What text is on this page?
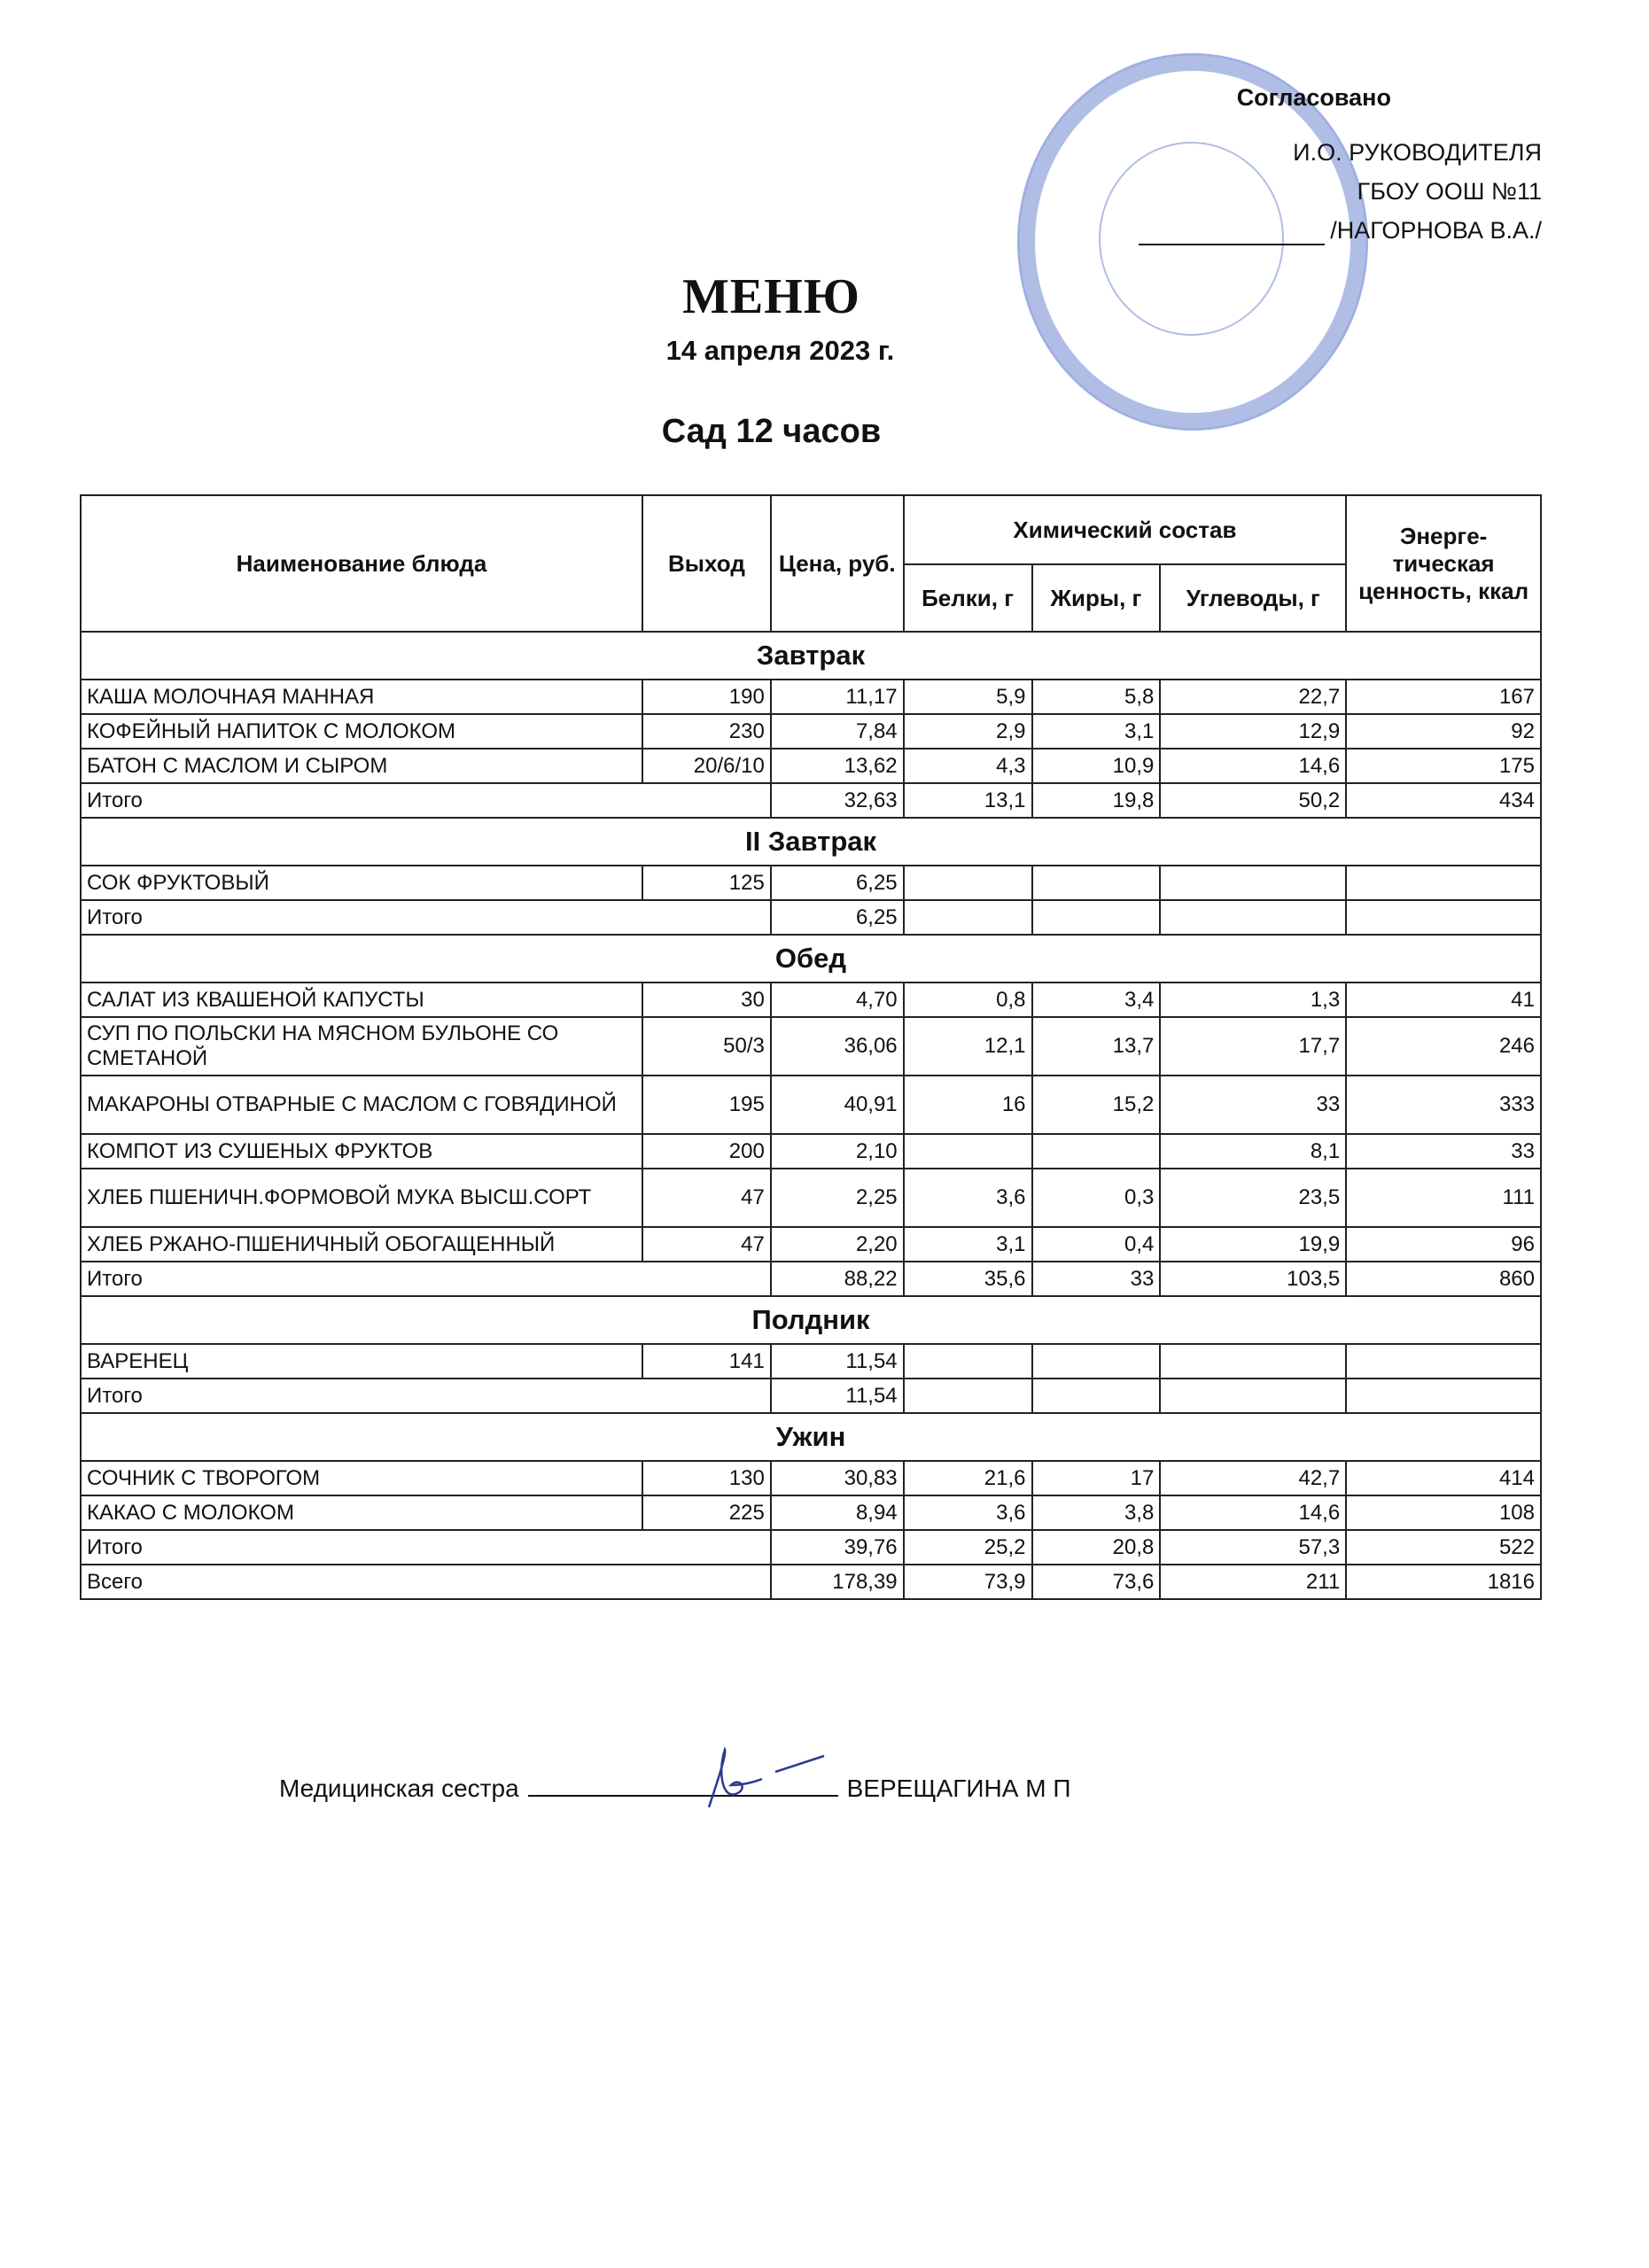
Согласовано
И.О. РУКОВОДИТЕЛЯ
ГБОУ ООШ №11
/НАГОРНОВА В.А./
МЕНЮ
14 апреля 2023 г.
Сад 12 часов
Наименование блюда	Выход	Цена, руб.	Химический состав			Энерге-тическая ценность, ккал
			Белки, г	Жиры, г	Углеводы, г	
Завтрак						
КАША МОЛОЧНАЯ МАННАЯ	190	11,17	5,9	5,8	22,7	167
КОФЕЙНЫЙ НАПИТОК С МОЛОКОМ	230	7,84	2,9	3,1	12,9	92
БАТОН С МАСЛОМ И СЫРОМ	20/6/10	13,62	4,3	10,9	14,6	175
Итого		32,63	13,1	19,8	50,2	434
II Завтрак						
СОК ФРУКТОВЫЙ	125	6,25				
Итого		6,25				
Обед						
САЛАТ ИЗ КВАШЕНОЙ КАПУСТЫ	30	4,70	0,8	3,4	1,3	41
СУП ПО ПОЛЬСКИ НА МЯСНОМ БУЛЬОНЕ СО СМЕТАНОЙ	50/3	36,06	12,1	13,7	17,7	246
МАКАРОНЫ ОТВАРНЫЕ С МАСЛОМ С ГОВЯДИНОЙ	195	40,91	16	15,2	33	333
КОМПОТ ИЗ СУШЕНЫХ ФРУКТОВ	200	2,10			8,1	33
ХЛЕБ ПШЕНИЧН.ФОРМОВОЙ МУКА ВЫСШ.СОРТ	47	2,25	3,6	0,3	23,5	111
ХЛЕБ РЖАНО-ПШЕНИЧНЫЙ ОБОГАЩЕННЫЙ	47	2,20	3,1	0,4	19,9	96
Итого		88,22	35,6	33	103,5	860
Полдник						
ВАРЕНЕЦ	141	11,54				
Итого		11,54				
Ужин						
СОЧНИК С ТВОРОГОМ	130	30,83	21,6	17	42,7	414
КАКАО С МОЛОКОМ	225	8,94	3,6	3,8	14,6	108
Итого		39,76	25,2	20,8	57,3	522
Всего		178,39	73,9	73,6	211	1816
Медицинская сестра	ВЕРЕЩАГИНА М П
